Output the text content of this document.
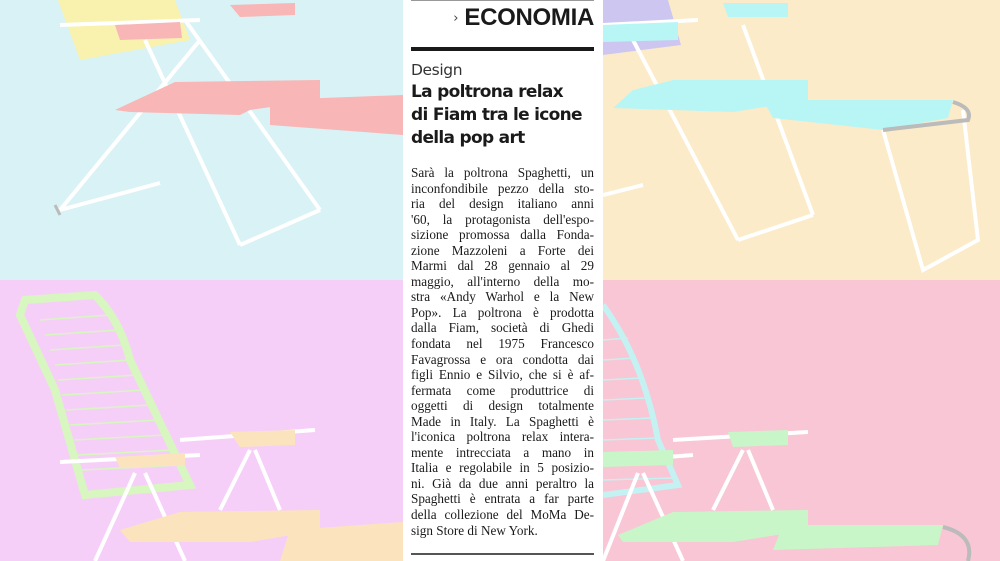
› ECONOMIA
Design
La poltrona relax
di Fiam tra le icone
della pop art
Sarà la poltrona Spaghetti, un
inconfondibile pezzo della sto-
ria del design italiano anni
'60, la protagonista dell'espo-
sizione promossa dalla Fonda-
zione Mazzoleni a Forte dei
Marmi dal 28 gennaio al 29
maggio, all'interno della mo-
stra «Andy Warhol e la New
Pop». La poltrona è prodotta
dalla Fiam, società di Ghedi
fondata nel 1975 Francesco
Favagrossa e ora condotta dai
figli Ennio e Silvio, che si è af-
fermata come produttrice di
oggetti di design totalmente
Made in Italy. La Spaghetti è
l'iconica poltrona relax intera-
mente intrecciata a mano in
Italia e regolabile in 5 posizio-
ni. Già da due anni peraltro la
Spaghetti è entrata a far parte
della collezione del MoMa De-
sign Store di New York.
